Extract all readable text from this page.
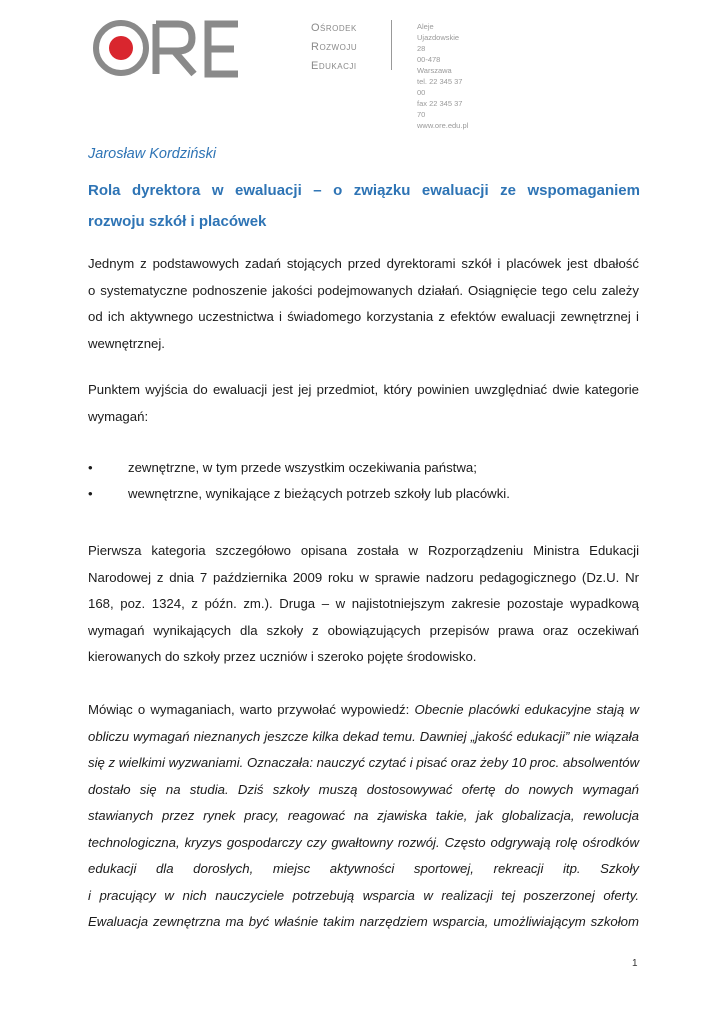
Ośrodek
Rozwoju
Edukacji
Aleje Ujazdowskie 28
00-478 Warszawa
tel. 22 345 37 00
fax 22 345 37 70
www.ore.edu.pl
Jarosław Kordziński
Rola dyrektora w ewaluacji – o związku ewaluacji ze wspomaganiem
rozwoju szkół i placówek
Jednym z podstawowych zadań stojących przed dyrektorami szkół i placówek jest dbałość
o systematyczne podnoszenie jakości podejmowanych działań. Osiągnięcie tego celu zależy
od ich aktywnego uczestnictwa i świadomego korzystania z efektów ewaluacji zewnętrznej i
wewnętrznej.
Punktem wyjścia do ewaluacji jest jej przedmiot, który powinien uwzględniać dwie kategorie
wymagań:
•	zewnętrzne, w tym przede wszystkim oczekiwania państwa;
•	wewnętrzne, wynikające z bieżących potrzeb szkoły lub placówki.
Pierwsza kategoria szczegółowo opisana została w Rozporządzeniu Ministra Edukacji
Narodowej z dnia 7 października 2009 roku w sprawie nadzoru pedagogicznego (Dz.U. Nr
168, poz. 1324, z późn. zm.). Druga – w najistotniejszym zakresie pozostaje wypadkową
wymagań wynikających dla szkoły z obowiązujących przepisów prawa oraz oczekiwań
kierowanych do szkoły przez uczniów i szeroko pojęte środowisko.
Mówiąc o wymaganiach, warto przywołać wypowiedź: Obecnie placówki edukacyjne stają w
obliczu wymagań nieznanych jeszcze kilka dekad temu. Dawniej „jakość edukacji” nie wiązała
się z wielkimi wyzwaniami. Oznaczała: nauczyć czytać i pisać oraz żeby 10 proc. absolwentów
dostało się na studia. Dziś szkoły muszą dostosowywać ofertę do nowych wymagań
stawianych przez rynek pracy, reagować na zjawiska takie, jak globalizacja, rewolucja
technologiczna, kryzys gospodarczy czy gwałtowny rozwój. Często odgrywają rolę ośrodków
edukacji dla dorosłych, miejsc aktywności sportowej, rekreacji itp. Szkoły
i pracujący w nich nauczyciele potrzebują wsparcia w realizacji tej poszerzonej oferty.
Ewaluacja zewnętrzna ma być właśnie takim narzędziem wsparcia, umożliwiającym szkołom
1
